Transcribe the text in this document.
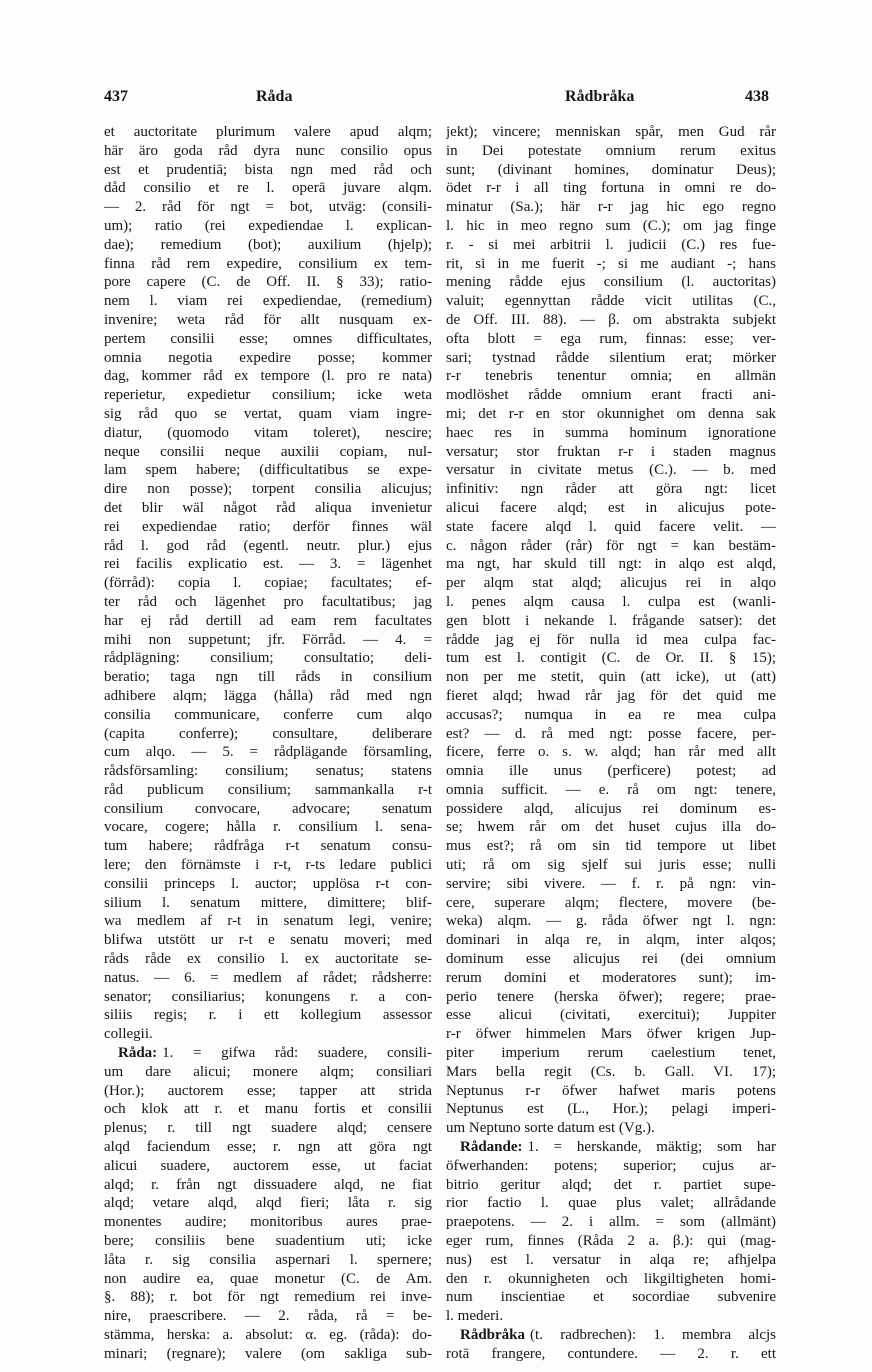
437	Råda	Rådbråka	438
et auctoritate plurimum valere apud alqm;
här äro goda råd dyra nunc consilio opus
est et prudentiā; bista ngn med råd och
dåd consilio et re l. operā juvare alqm.
— 2. råd för ngt = bot, utväg: (consili-
um); ratio (rei expediendae l. explican-
dae); remedium (bot); auxilium (hjelp);
finna råd rem expedire, consilium ex tem-
pore capere (C. de Off. II. § 33); ratio-
nem l. viam rei expediendae, (remedium)
invenire; weta råd för allt nusquam ex-
pertem consilii esse; omnes difficultates,
omnia negotia expedire posse; kommer
dag, kommer råd ex tempore (l. pro re nata)
reperietur, expedietur consilium; icke weta
sig råd quo se vertat, quam viam ingre-
diatur, (quomodo vitam toleret), nescire;
neque consilii neque auxilii copiam, nul-
lam spem habere; (difficultatibus se expe-
dire non posse); torpent consilia alicujus;
det blir wäl något råd aliqua invenietur
rei expediendae ratio; derför finnes wäl
råd l. god råd (egentl. neutr. plur.) ejus
rei facilis explicatio est. — 3. = lägenhet
(förråd): copia l. copiae; facultates; ef-
ter råd och lägenhet pro facultatibus; jag
har ej råd dertill ad eam rem facultates
mihi non suppetunt; jfr. Förråd. — 4. =
rådplägning: consilium; consultatio; deli-
beratio; taga ngn till råds in consilium
adhibere alqm; lägga (hålla) råd med ngn
consilia communicare, conferre cum alqo
(capita conferre); consultare, deliberare
cum alqo. — 5. = rådplägande församling,
rådsförsamling: consilium; senatus; statens
råd publicum consilium; sammankalla r-t
consilium convocare, advocare; senatum
vocare, cogere; hålla r. consilium l. sena-
tum habere; rådfråga r-t senatum consu-
lere; den förnämste i r-t, r-ts ledare publici
consilii princeps l. auctor; upplösa r-t con-
silium l. senatum mittere, dimittere; blif-
wa medlem af r-t in senatum legi, venire;
blifwa utstött ur r-t e senatu moveri; med
råds råde ex consilio l. ex auctoritate se-
natus. — 6. = medlem af rådet; rådsherre:
senator; consiliarius; konungens r. a con-
siliis regis; r. i ett kollegium assessor
collegii.
Råda: 1. = gifwa råd: suadere, consili-
um dare alicui; monere alqm; consiliari
(Hor.); auctorem esse; tapper att strida
och klok att r. et manu fortis et consilii
plenus; r. till ngt suadere alqd; censere
alqd faciendum esse; r. ngn att göra ngt
alicui suadere, auctorem esse, ut faciat
alqd; r. från ngt dissuadere alqd, ne fiat
alqd; vetare alqd, alqd fieri; låta r. sig
monentes audire; monitoribus aures prae-
bere; consiliis bene suadentium uti; icke
låta r. sig consilia aspernari l. spernere;
non audire ea, quae monetur (C. de Am.
§. 88); r. bot för ngt remedium rei inve-
nire, praescribere. — 2. råda, rå = be-
stämma, herska: a. absolut: α. eg. (råda): do-
minari; (regnare); valere (om sakliga sub-
jekt); vincere; menniskan spår, men Gud rår
in Dei potestate omnium rerum exitus
sunt; (divinant homines, dominatur Deus);
ödet r-r i all ting fortuna in omni re do-
minatur (Sa.); här r-r jag hic ego regno
l. hic in meo regno sum (C.); om jag finge
r. - si mei arbitrii l. judicii (C.) res fue-
rit, si in me fuerit -; si me audiant -; hans
mening rådde ejus consilium (l. auctoritas)
valuit; egennyttan rådde vicit utilitas (C.,
de Off. III. 88). — β. om abstrakta subjekt
ofta blott = ega rum, finnas: esse; ver-
sari; tystnad rådde silentium erat; mörker
r-r tenebris tenentur omnia; en allmän
modlöshet rådde omnium erant fracti ani-
mi; det r-r en stor okunnighet om denna sak
haec res in summa hominum ignoratione
versatur; stor fruktan r-r i staden magnus
versatur in civitate metus (C.). — b. med
infinitiv: ngn råder att göra ngt: licet
alicui facere alqd; est in alicujus pote-
state facere alqd l. quid facere velit. —
c. någon råder (rår) för ngt = kan bestäm-
ma ngt, har skuld till ngt: in alqo est alqd,
per alqm stat alqd; alicujus rei in alqo
l. penes alqm causa l. culpa est (wanli-
gen blott i nekande l. frågande satser): det
rådde jag ej för nulla id mea culpa fac-
tum est l. contigit (C. de Or. II. § 15);
non per me stetit, quin (att icke), ut (att)
fieret alqd; hwad rår jag för det quid me
accusas?; numqua in ea re mea culpa
est? — d. rå med ngt: posse facere, per-
ficere, ferre o. s. w. alqd; han rår med allt
omnia ille unus (perficere) potest; ad
omnia sufficit. — e. rå om ngt: tenere,
possidere alqd, alicujus rei dominum es-
se; hwem rår om det huset cujus illa do-
mus est?; rå om sin tid tempore ut libet
uti; rå om sig sjelf sui juris esse; nulli
servire; sibi vivere. — f. r. på ngn: vin-
cere, superare alqm; flectere, movere (be-
weka) alqm. — g. råda öfwer ngt l. ngn:
dominari in alqa re, in alqm, inter alqos;
dominum esse alicujus rei (dei omnium
rerum domini et moderatores sunt); im-
perio tenere (herska öfwer); regere; prae-
esse alicui (civitati, exercitui); Juppiter
r-r öfwer himmelen Mars öfwer krigen Jup-
piter imperium rerum caelestium tenet,
Mars bella regit (Cs. b. Gall. VI. 17);
Neptunus r-r öfwer hafwet maris potens
Neptunus est (L., Hor.); pelagi imperi-
um Neptuno sorte datum est (Vg.).
Rådande: 1. = herskande, mäktig; som har
öfwerhanden: potens; superior; cujus ar-
bitrio geritur alqd; det r. partiet supe-
rior factio l. quae plus valet; allrådande
praepotens. — 2. i allm. = som (allmänt)
eger rum, finnes (Råda 2 a. β.): qui (mag-
nus) est l. versatur in alqa re; afhjelpa
den r. okunnigheten och likgiltigheten homi-
num inscientiae et socordiae subvenire
l. mederi.
Rådbråka (t. radbrechen): 1. membra alcjs
rotā frangere, contundere. — 2. r. ett
